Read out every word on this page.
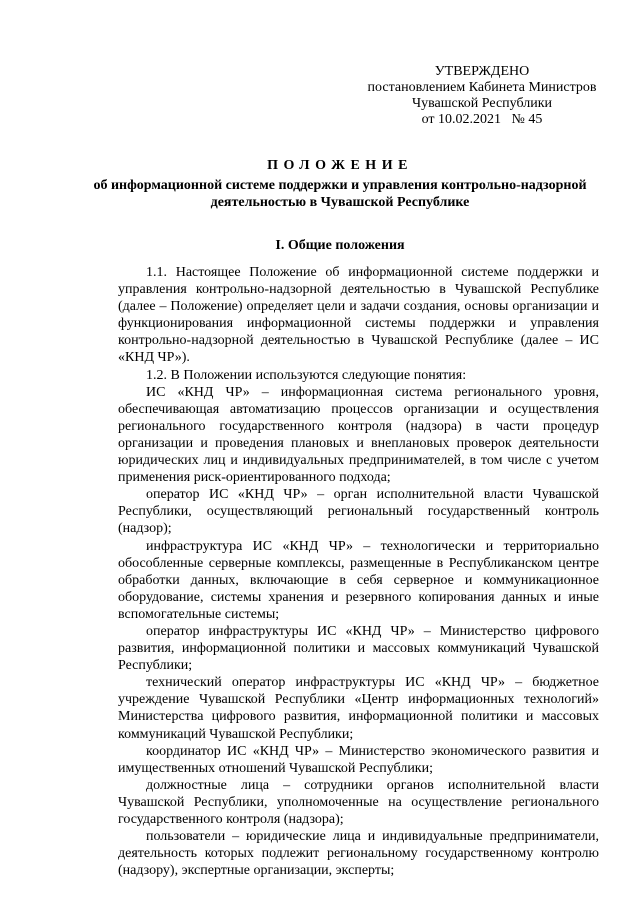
УТВЕРЖДЕНО
постановлением Кабинета Министров
Чувашской Республики
от 10.02.2021   № 45
ПОЛОЖЕНИЕ
об информационной системе поддержки и управления контрольно-надзорной деятельностью в Чувашской Республике
I. Общие положения

1.1. Настоящее Положение об информационной системе поддержки и управления контрольно-надзорной деятельностью в Чувашской Республике (далее – Положение) определяет цели и задачи создания, основы организации и функционирования информационной системы поддержки и управления контрольно-надзорной деятельностью в Чувашской Республике (далее – ИС «КНД ЧР»).

1.2. В Положении используются следующие понятия:

ИС «КНД ЧР» – информационная система регионального уровня, обеспечивающая автоматизацию процессов организации и осуществления регионального государственного контроля (надзора) в части процедур организации и проведения плановых и внеплановых проверок деятельности юридических лиц и индивидуальных предпринимателей, в том числе с учетом применения риск-ориентированного подхода;

оператор ИС «КНД ЧР» – орган исполнительной власти Чувашской Республики, осуществляющий региональный государственный контроль (надзор);

инфраструктура ИС «КНД ЧР» – технологически и территориально обособленные серверные комплексы, размещенные в Республиканском центре обработки данных, включающие в себя серверное и коммуникационное оборудование, системы хранения и резервного копирования данных и иные вспомогательные системы;

оператор инфраструктуры ИС «КНД ЧР» – Министерство цифрового развития, информационной политики и массовых коммуникаций Чувашской Республики;

технический оператор инфраструктуры ИС «КНД ЧР» – бюджетное учреждение Чувашской Республики «Центр информационных технологий» Министерства цифрового развития, информационной политики и массовых коммуникаций Чувашской Республики;

координатор ИС «КНД ЧР» – Министерство экономического развития и имущественных отношений Чувашской Республики;

должностные лица – сотрудники органов исполнительной власти Чувашской Республики, уполномоченные на осуществление регионального государственного контроля (надзора);

пользователи – юридические лица и индивидуальные предприниматели, деятельность которых подлежит региональному государственному контролю (надзору), экспертные организации, эксперты;
